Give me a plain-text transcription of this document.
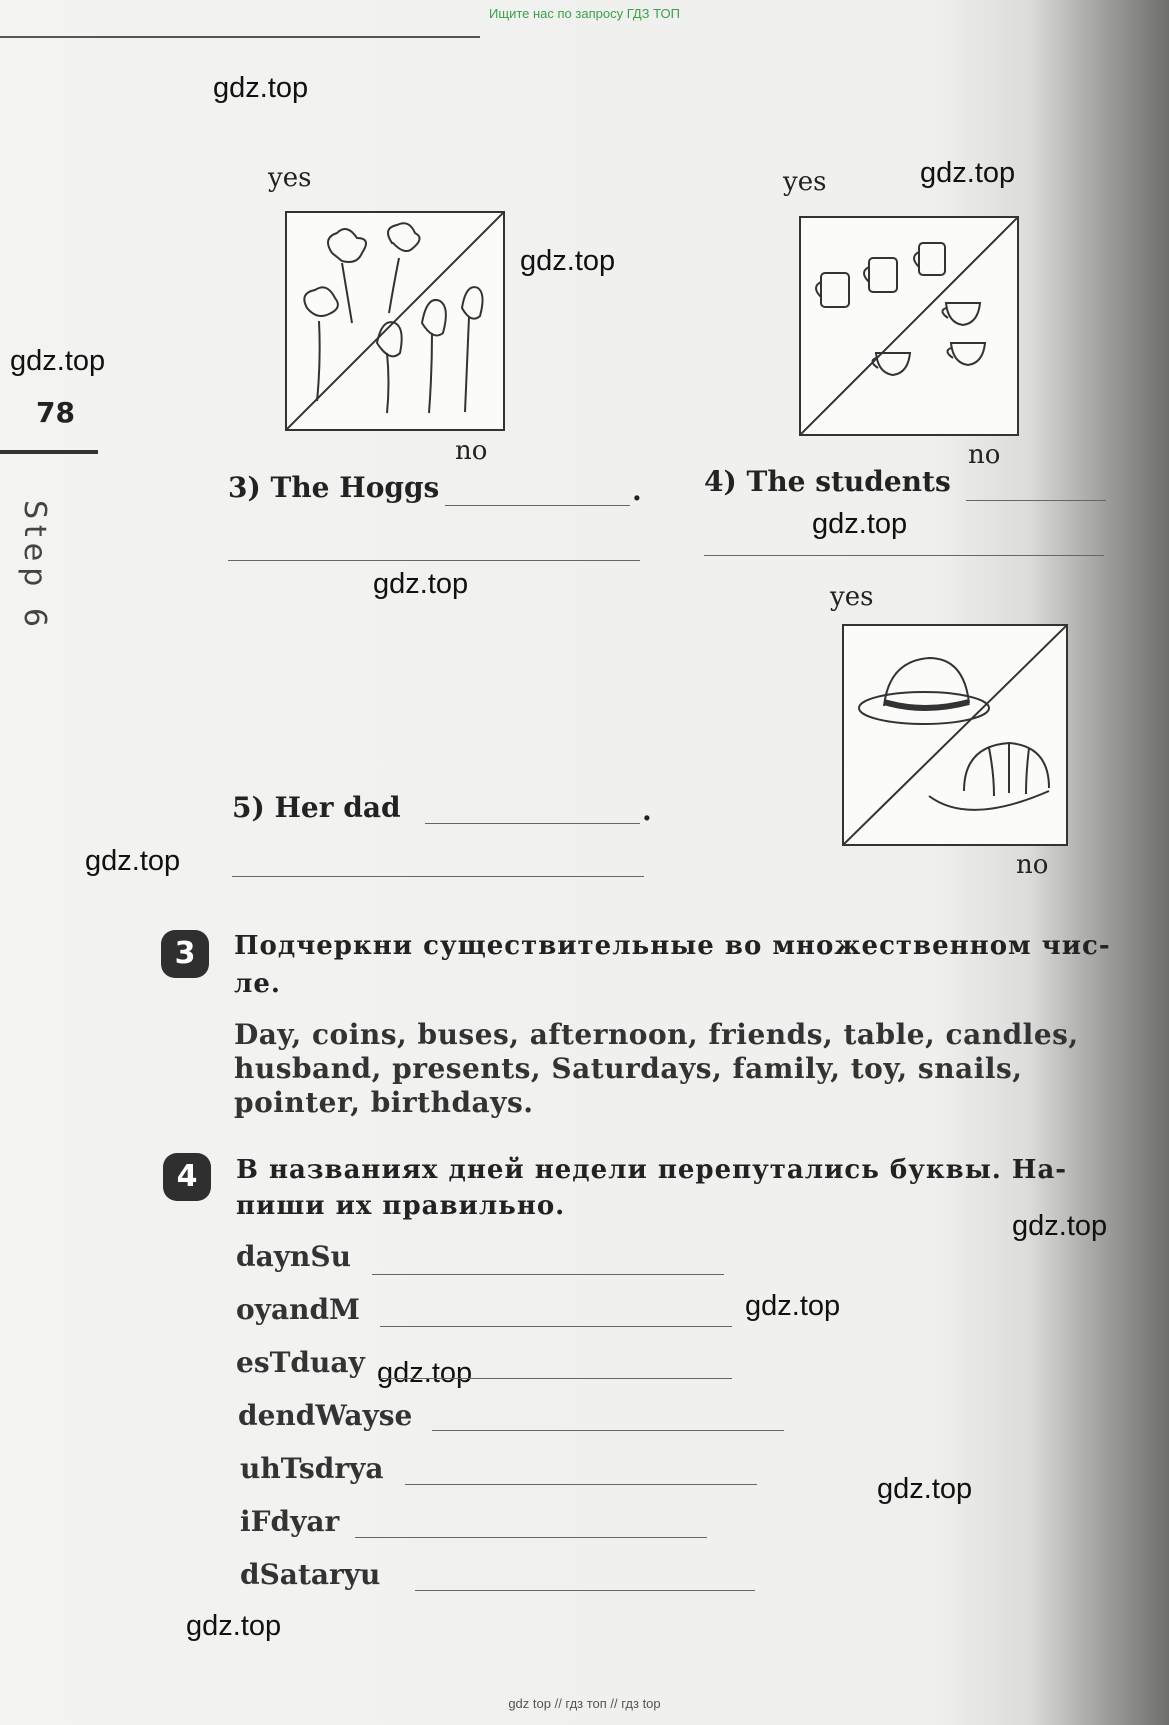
Ищите нас по запросу ГДЗ ТОП
78
Step 6
gdz.top
gdz.top
gdz.top
gdz.top
gdz.top
gdz.top
gdz.top
gdz.top
gdz.top
gdz.top
gdz.top
gdz.top
yes
no
yes
no
3) The Hoggs	. 4) The students
yes
no
5) Her dad	.
3	Подчеркни существительные во множественном чис-
ле.
Day, coins, buses, afternoon, friends, table, candles,
husband, presents, Saturdays, family, toy, snails,
pointer, birthdays.
4	В названиях дней недели перепутались буквы. На-
пиши их правильно.
daynSu
oyandM
esTduay
dendWayse
uhTsdrya
iFdyar
dSataryu
gdz top // гдз топ // гдз top
